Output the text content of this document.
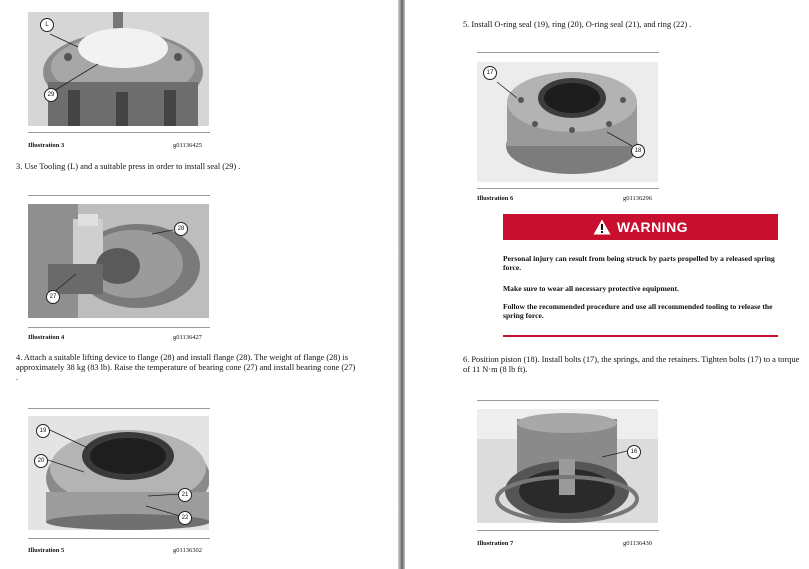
L
29
Illustration 3	g01136425
3. Use Tooling (L) and a suitable press in order to install seal (29) .
28
27
Illustration 4	g01136427
4. Attach a suitable lifting device to flange (28) and install flange (28). The weight of flange (28) is approximately 38 kg (83 lb). Raise the temperature of bearing cone (27) and install bearing cone (27) .
19
20
21
22
Illustration 5	g01136302
5. Install O-ring seal (19), ring (20), O-ring seal (21), and ring (22) .
17
18
Illustration 6	g01136296
WARNING
Personal injury can result from being struck by parts propelled by a released spring force.
Make sure to wear all necessary protective equipment.
Follow the recommended procedure and use all recommended tooling to release the spring force.
6. Position piston (18). Install bolts (17), the springs, and the retainers. Tighten bolts (17) to a torque of 11 N·m (8 lb ft).
16
Illustration 7	g01136430
